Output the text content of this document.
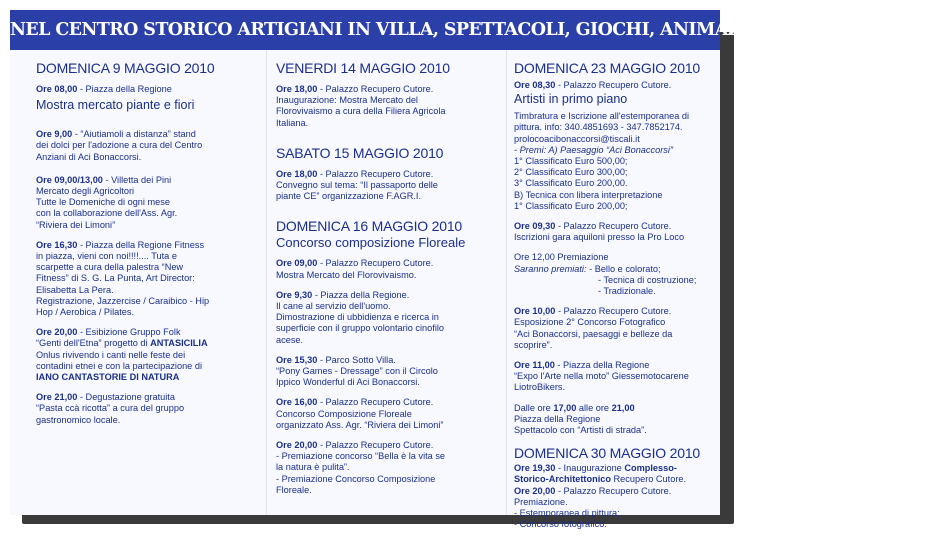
NEL CENTRO STORICO ARTIGIANI IN VILLA, SPETTACOLI, GIOCHI, ANIMAZIONE, DEGUSTAZIONI
DOMENICA 9 MAGGIO 2010
Ore 08,00 - Piazza della Regione
Mostra mercato piante e fiori
Ore 9,00 - “Aiutiamoli a distanza” stand
dei dolci per l'adozione a cura del Centro
Anziani di Aci Bonaccorsi.
Ore 09,00/13,00 - Villetta dei Pini
Mercato degli Agricoltori
Tutte le Domeniche di ogni mese
con la collaborazione dell'Ass. Agr.
“Riviera dei Limoni”
Ore 16,30 - Piazza della Regione Fitness
in piazza, vieni con noi!!!!.... Tuta e
scarpette a cura della palestra “New
Fitness” di S. G. La Punta, Art Director:
Elisabetta La Pera.
Registrazione, Jazzercise / Caraibico - Hip
Hop / Aerobica / Pilates.
Ore 20,00 - Esibizione Gruppo Folk
“Genti dell'Etna” progetto di ANTASICILIA
Onlus rivivendo i canti nelle feste dei
contadini etnei e con la partecipazione di
IANO CANTASTORIE DI NATURA
Ore 21,00 - Degustazione gratuita
“Pasta ccà ricotta” a cura del gruppo
gastronomico locale.
VENERDI 14 MAGGIO 2010
Ore 18,00 - Palazzo Recupero Cutore.
Inaugurazione: Mostra Mercato del
Florovivaismo a cura della Filiera Agricola
Italiana.
SABATO 15 MAGGIO 2010
Ore 18,00 - Palazzo Recupero Cutore.
Convegno sul tema: “Il passaporto delle
piante CE” organizzazione F.AGR.I.
DOMENICA 16 MAGGIO 2010
Concorso composizione Floreale
Ore 09,00 - Palazzo Recupero Cutore.
Mostra Mercato del Florovivaismo.
Ore 9,30 - Piazza della Regione.
Il cane al servizio dell'uomo.
Dimostrazione di ubbidienza e ricerca in
superficie con il gruppo volontario cinofilo
acese.
Ore 15,30 - Parco Sotto Villa.
“Pony Games - Dressage” con il Circolo
Ippico Wonderful di Aci Bonaccorsi.
Ore 16,00 - Palazzo Recupero Cutore.
Concorso Composizione Floreale
organizzato Ass. Agr. “Riviera dei Limoni”
Ore 20,00 - Palazzo Recupero Cutore.
- Premiazione concorso “Bella è la vita se
la natura è pulita”.
- Premiazione Concorso Composizione
Floreale.
DOMENICA 23 MAGGIO 2010
Ore 08,30 - Palazzo Recupero Cutore.
Artisti in primo piano
Timbratura e Iscrizione all'estemporanea di
pittura. info: 340.4851693 - 347.7852174.
prolocoacibonaccorsi@tiscali.it
- Premi: A) Paesaggio “Aci Bonaccorsi”
1° Classificato Euro 500,00;
2° Classificato Euro 300,00;
3° Classificato Euro 200,00.
B) Tecnica con libera interpretazione
1° Classificato Euro 200,00;
Ore 09,30 - Palazzo Recupero Cutore.
Iscrizioni gara aquiloni presso la Pro Loco
Ore 12,00 Premiazione
Saranno premiati: - Bello e colorato;
- Tecnica di costruzione;
- Tradizionale.
Ore 10,00 - Palazzo Recupero Cutore.
Esposizione 2° Concorso Fotografico
“Aci Bonaccorsi, paesaggi e belleze da
scoprire”.
Ore 11,00 - Piazza della Regione
“Expo l'Arte nella moto” Giessemotocarene
LiotroBikers.
Dalle ore 17,00 alle ore 21,00
Piazza della Regione
Spettacolo con “Artisti di strada”.
DOMENICA 30 MAGGIO 2010
Ore 19,30 - Inaugurazione Complesso-
Storico-Architettonico Recupero Cutore.
Ore 20,00 - Palazzo Recupero Cutore.
Premiazione.
- Estemporanea di pittura;
- Concorso fotografico.
